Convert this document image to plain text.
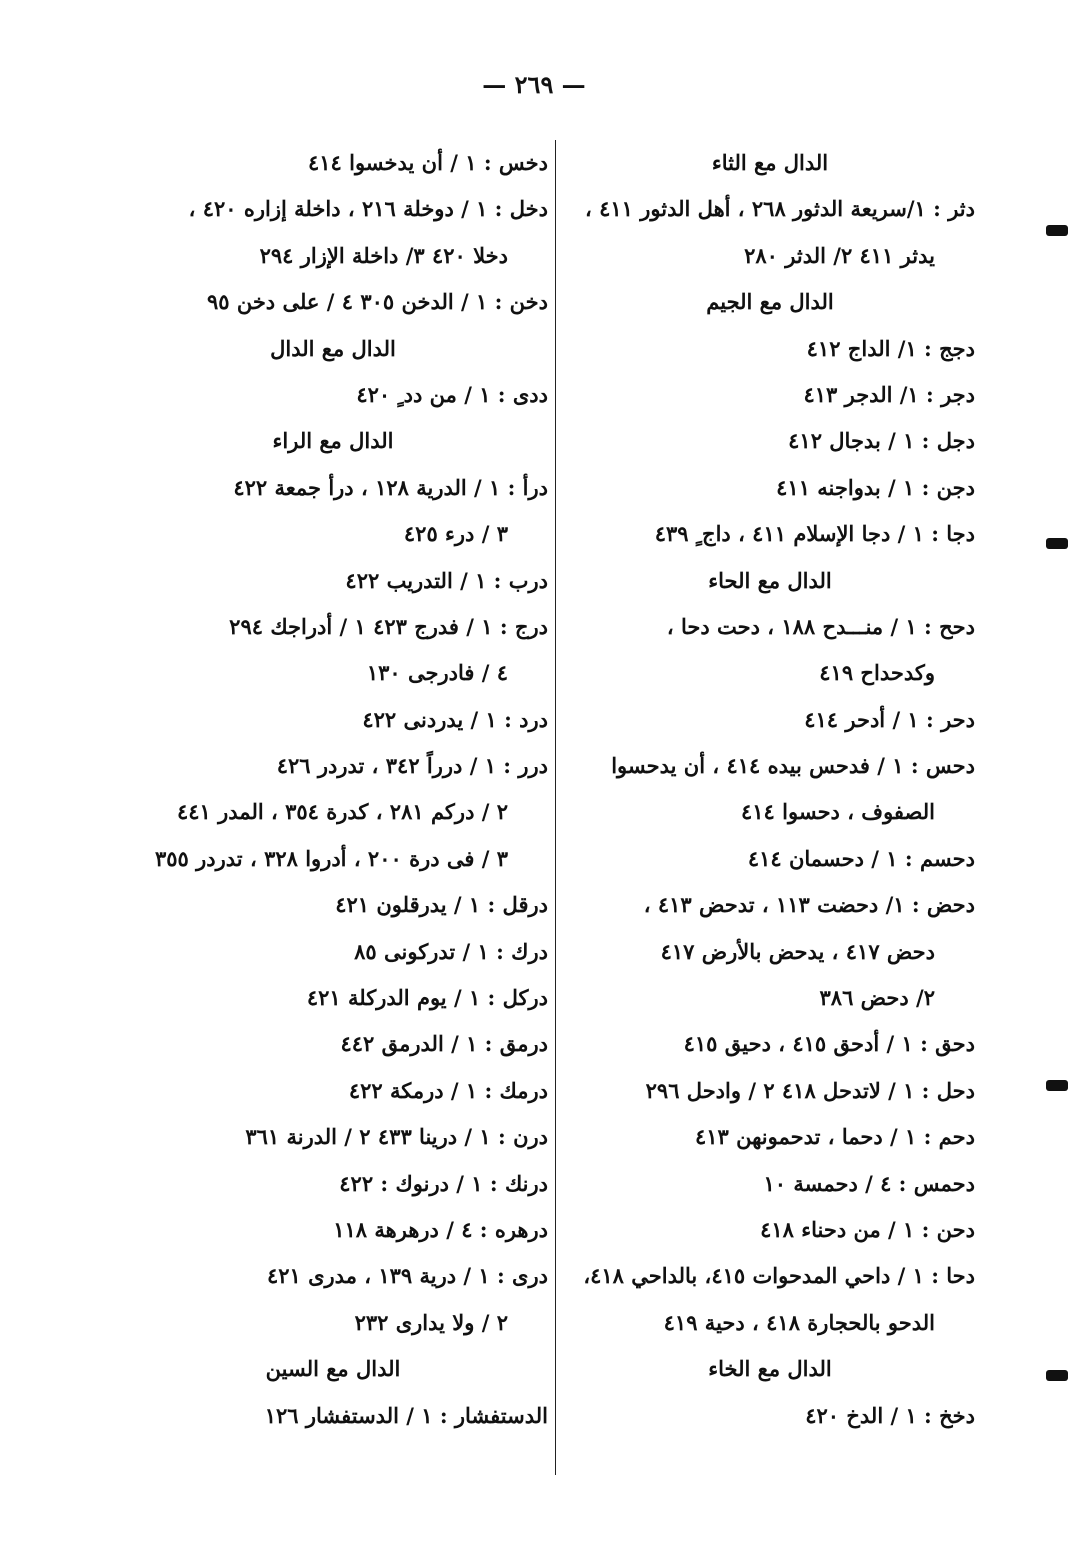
— ٢٦٩ —
الدال مع الثاء
دثر : ١/سريعة الدثور ٢٦٨ ، أهل الدثور ٤١١ ،
يدثر ٤١١ ٢/ الدثر ٢٨٠
الدال مع الجيم
دجج : ١/ الداج ٤١٢
دجر : ١/ الدجر ٤١٣
دجل : ١ / بدجال ٤١٢
دجن : ١ / بدواجنه ٤١١
دجا : ١ / دجا الإسلام ٤١١ ، داج ٍ ٤٣٩
الدال مع الحاء
دحح : ١ / منـــدح ١٨٨ ، دحت دحا ،
وكدحداح ٤١٩
دحر : ١ / أدحر ٤١٤
دحس : ١ / فدحس بيده ٤١٤ ، أن يدحسوا
الصفوف ، دحسوا ٤١٤
دحسم : ١ / دحسمان ٤١٤
دحض : ١/ دحضت ١١٣ ، تدحض ٤١٣ ،
دحض ٤١٧ ، يدحض بالأرض ٤١٧
٢/ دحض ٣٨٦
دحق : ١ / أدحق ٤١٥ ، دحيق ٤١٥
دحل : ١ / لاتدحل ٤١٨ ٢ / وادحل ٢٩٦
دحم : ١ / دحما ، تدحمونهن ٤١٣
دحمس : ٤ / دحمسة ١٠
دحن : ١ / من دحناء ٤١٨
دحا : ١ / داحي المدحوات ٤١٥، بالداحي ٤١٨،
الدحو بالحجارة ٤١٨ ، دحية ٤١٩
الدال مع الخاء
دخخ : ١ / الدخ ٤٢٠
دخس : ١ / أن يدخسوا ٤١٤
دخل : ١ / دوخلة ٢١٦ ، داخلة إزاره ٤٢٠ ،
دخلا ٤٢٠ ٣/ داخلة الإزار ٢٩٤
دخن : ١ / الدخن ٣٠٥ ٤ / على دخن ٩٥
الدال مع الدال
ددى : ١ / من دد ٍ ٤٢٠
الدال مع الراء
درأ : ١ / الدرية ١٢٨ ، درأ جمعة ٤٢٢
٣ / درء ٤٢٥
درب : ١ / التدريب ٤٢٢
درج : ١ / فدرج ٤٢٣ ١ / أدراجك ٢٩٤
٤ / فادرجى ١٣٠
درد : ١ / يدردنى ٤٢٢
درر : ١ / درراً ٣٤٢ ، تدردر ٤٢٦
٢ / دركم ٢٨١ ، كدرة ٣٥٤ ، المدر ٤٤١
٣ / فى درة ٢٠٠ ، أدروا ٣٢٨ ، تدردر ٣٥٥
درقل : ١ / يدرقلون ٤٢١
درك : ١ / تدركونى ٨٥
دركل : ١ / يوم الدركلة ٤٢١
درمق : ١ / الدرمق ٤٤٢
درمك : ١ / درمكة ٤٢٢
درن : ١ / درينا ٤٣٣ ٢ / الدرنة ٣٦١
درنك : ١ / درنوك : ٤٢٢
درهره : ٤ / درهرهة ١١٨
درى : ١ / درية ١٣٩ ، مدرى ٤٢١
٢ / ولا يدارى ٢٣٢
الدال مع السين
الدستفشار : ١ / الدستفشار ١٢٦
